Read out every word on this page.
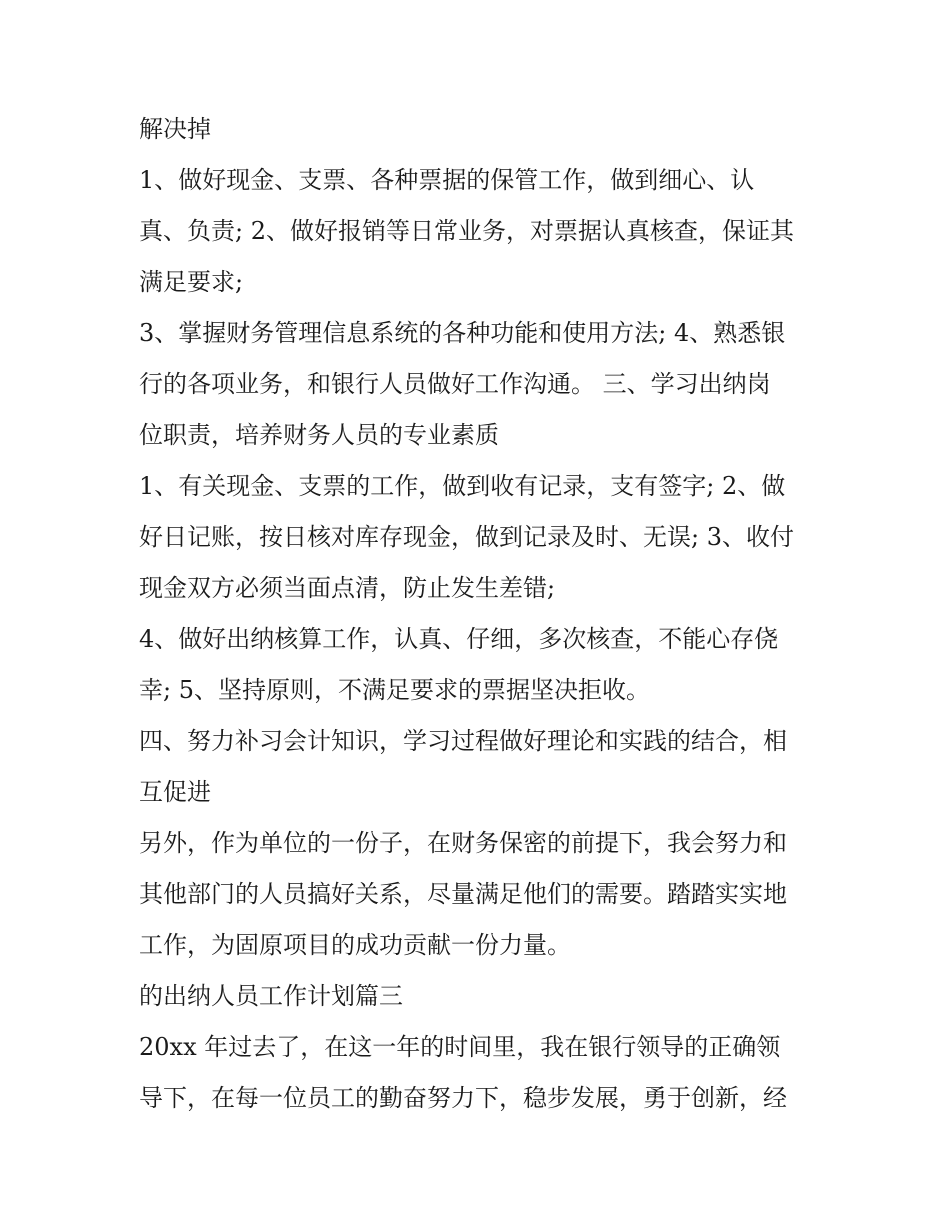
解决掉
1、做好现金、支票、各种票据的保管工作，做到细心、认
真、负责; 2、做好报销等日常业务，对票据认真核查，保证其
满足要求;
3、掌握财务管理信息系统的各种功能和使用方法; 4、熟悉银
行的各项业务，和银行人员做好工作沟通。 三、学习出纳岗
位职责，培养财务人员的专业素质
1、有关现金、支票的工作，做到收有记录，支有签字; 2、做
好日记账，按日核对库存现金，做到记录及时、无误; 3、收付
现金双方必须当面点清，防止发生差错;
4、做好出纳核算工作，认真、仔细，多次核查，不能心存侥
幸; 5、坚持原则，不满足要求的票据坚决拒收。
四、努力补习会计知识，学习过程做好理论和实践的结合，相
互促进
另外，作为单位的一份子，在财务保密的前提下，我会努力和
其他部门的人员搞好关系，尽量满足他们的需要。踏踏实实地
工作，为固原项目的成功贡献一份力量。
的出纳人员工作计划篇三
20xx 年过去了，在这一年的时间里，我在银行领导的正确领
导下，在每一位员工的勤奋努力下，稳步发展，勇于创新，经
